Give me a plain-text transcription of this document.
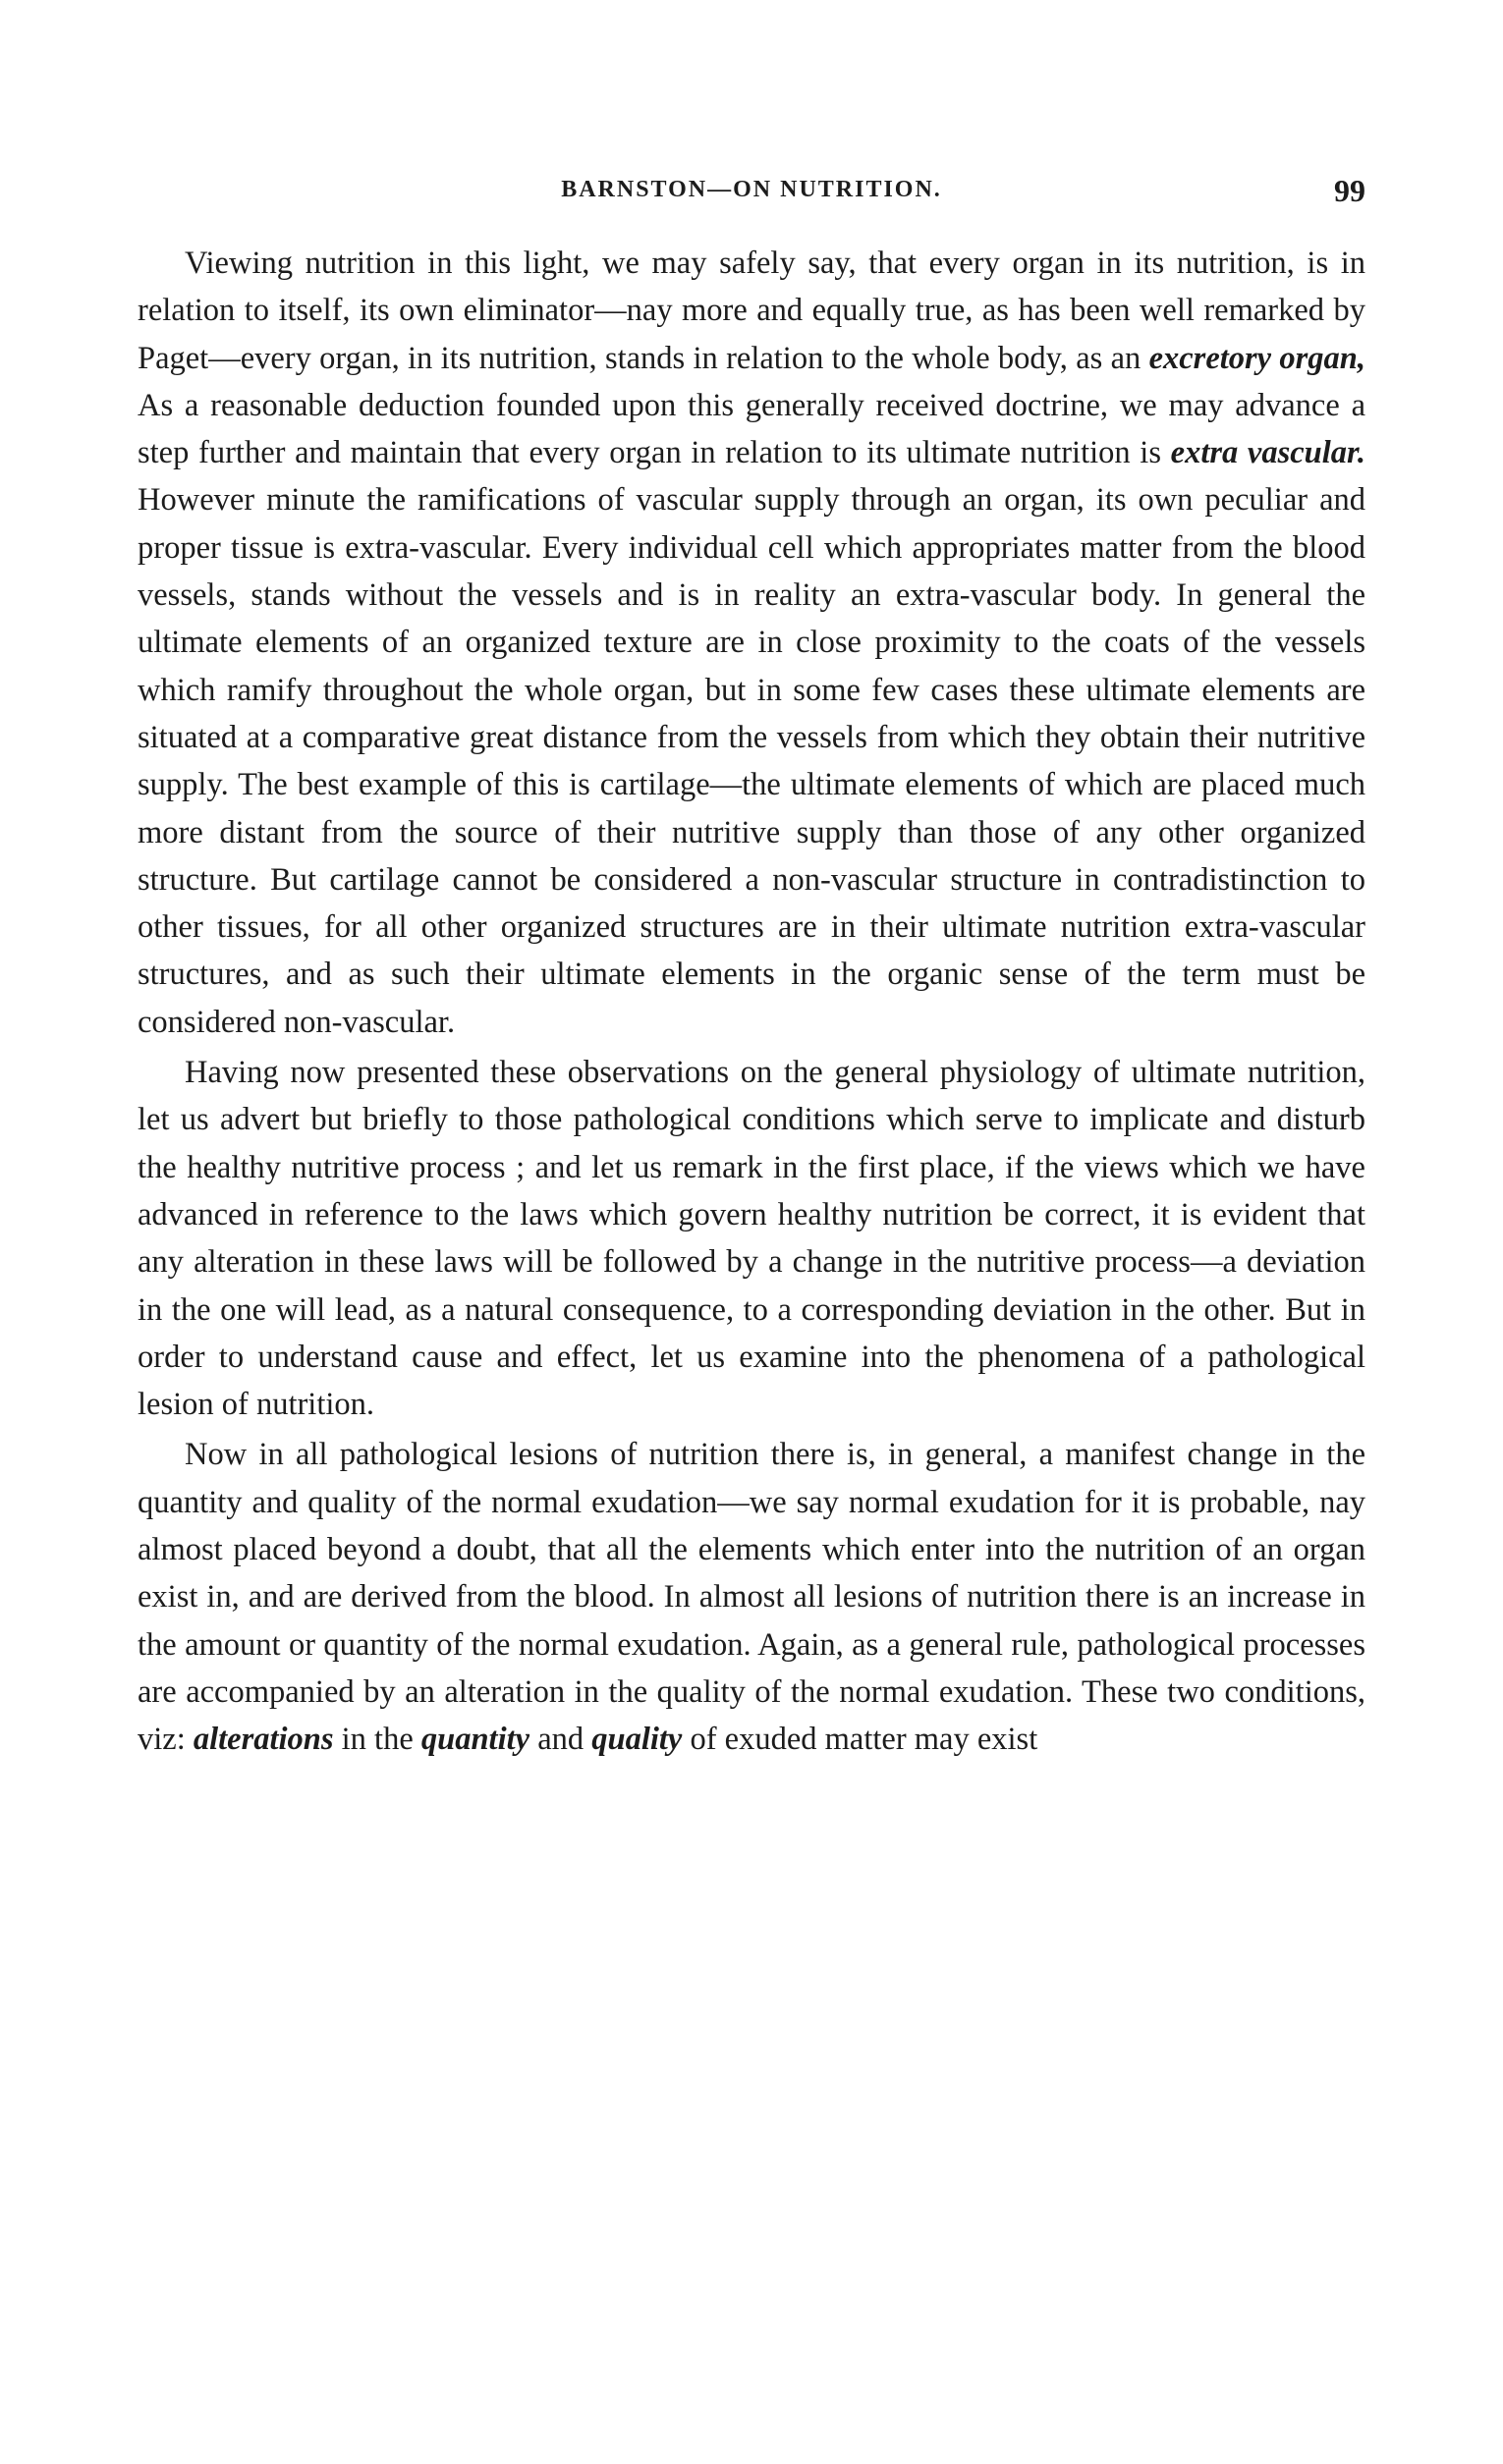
BARNSTON—ON NUTRITION.	99

Viewing nutrition in this light, we may safely say, that every organ in its nutrition, is in relation to itself, its own eliminator—nay more and equally true, as has been well remarked by Paget—every organ, in its nutrition, stands in relation to the whole body, as an excretory organ, As a reasonable deduction founded upon this generally received doctrine, we may advance a step further and maintain that every organ in relation to its ultimate nutrition is extra vascular. However minute the ramifications of vascular supply through an organ, its own peculiar and proper tissue is extra-vascular. Every individual cell which appropriates matter from the blood vessels, stands without the vessels and is in reality an extra-vascular body. In general the ultimate elements of an organized texture are in close proximity to the coats of the vessels which ramify throughout the whole organ, but in some few cases these ultimate elements are situated at a comparative great distance from the vessels from which they obtain their nutritive supply. The best example of this is cartilage—the ultimate elements of which are placed much more distant from the source of their nutritive supply than those of any other organized structure. But cartilage cannot be considered a non-vascular structure in contradistinction to other tissues, for all other organized structures are in their ultimate nutrition extra-vascular structures, and as such their ultimate elements in the organic sense of the term must be considered non-vascular.

Having now presented these observations on the general physiology of ultimate nutrition, let us advert but briefly to those pathological conditions which serve to implicate and disturb the healthy nutritive process ; and let us remark in the first place, if the views which we have advanced in reference to the laws which govern healthy nutrition be correct, it is evident that any alteration in these laws will be followed by a change in the nutritive process—a deviation in the one will lead, as a natural consequence, to a corresponding deviation in the other. But in order to understand cause and effect, let us examine into the phenomena of a pathological lesion of nutrition.

Now in all pathological lesions of nutrition there is, in general, a manifest change in the quantity and quality of the normal exudation—we say normal exudation for it is probable, nay almost placed beyond a doubt, that all the elements which enter into the nutrition of an organ exist in, and are derived from the blood. In almost all lesions of nutrition there is an increase in the amount or quantity of the normal exudation. Again, as a general rule, pathological processes are accompanied by an alteration in the quality of the normal exudation. These two conditions, viz: alterations in the quantity and quality of exuded matter may exist
